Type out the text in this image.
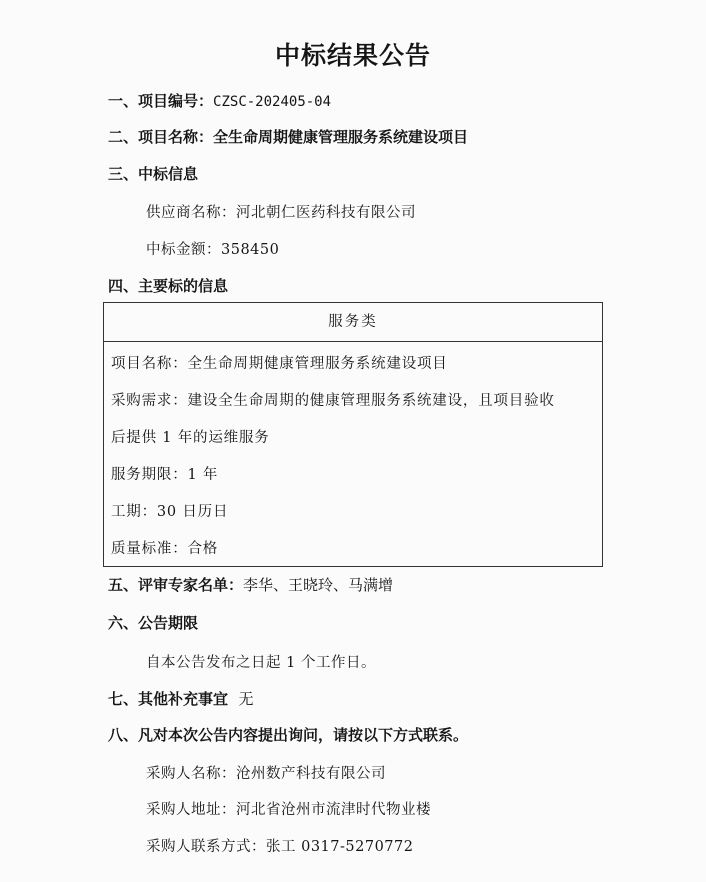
中标结果公告
一、项目编号：CZSC-202405-04
二、项目名称：全生命周期健康管理服务系统建设项目
三、中标信息
供应商名称：河北朝仁医药科技有限公司
中标金额：358450
四、主要标的信息
服务类
项目名称：全生命周期健康管理服务系统建设项目
采购需求：建设全生命周期的健康管理服务系统建设，且项目验收
后提供 1 年的运维服务
服务期限：1 年
工期：30 日历日
质量标准：合格
五、评审专家名单：李华、王晓玲、马满增
六、公告期限
自本公告发布之日起 1 个工作日。
七、其他补充事宜 无
八、凡对本次公告内容提出询问，请按以下方式联系。
采购人名称：沧州数产科技有限公司
采购人地址：河北省沧州市流津时代物业楼
采购人联系方式：张工 0317-5270772
